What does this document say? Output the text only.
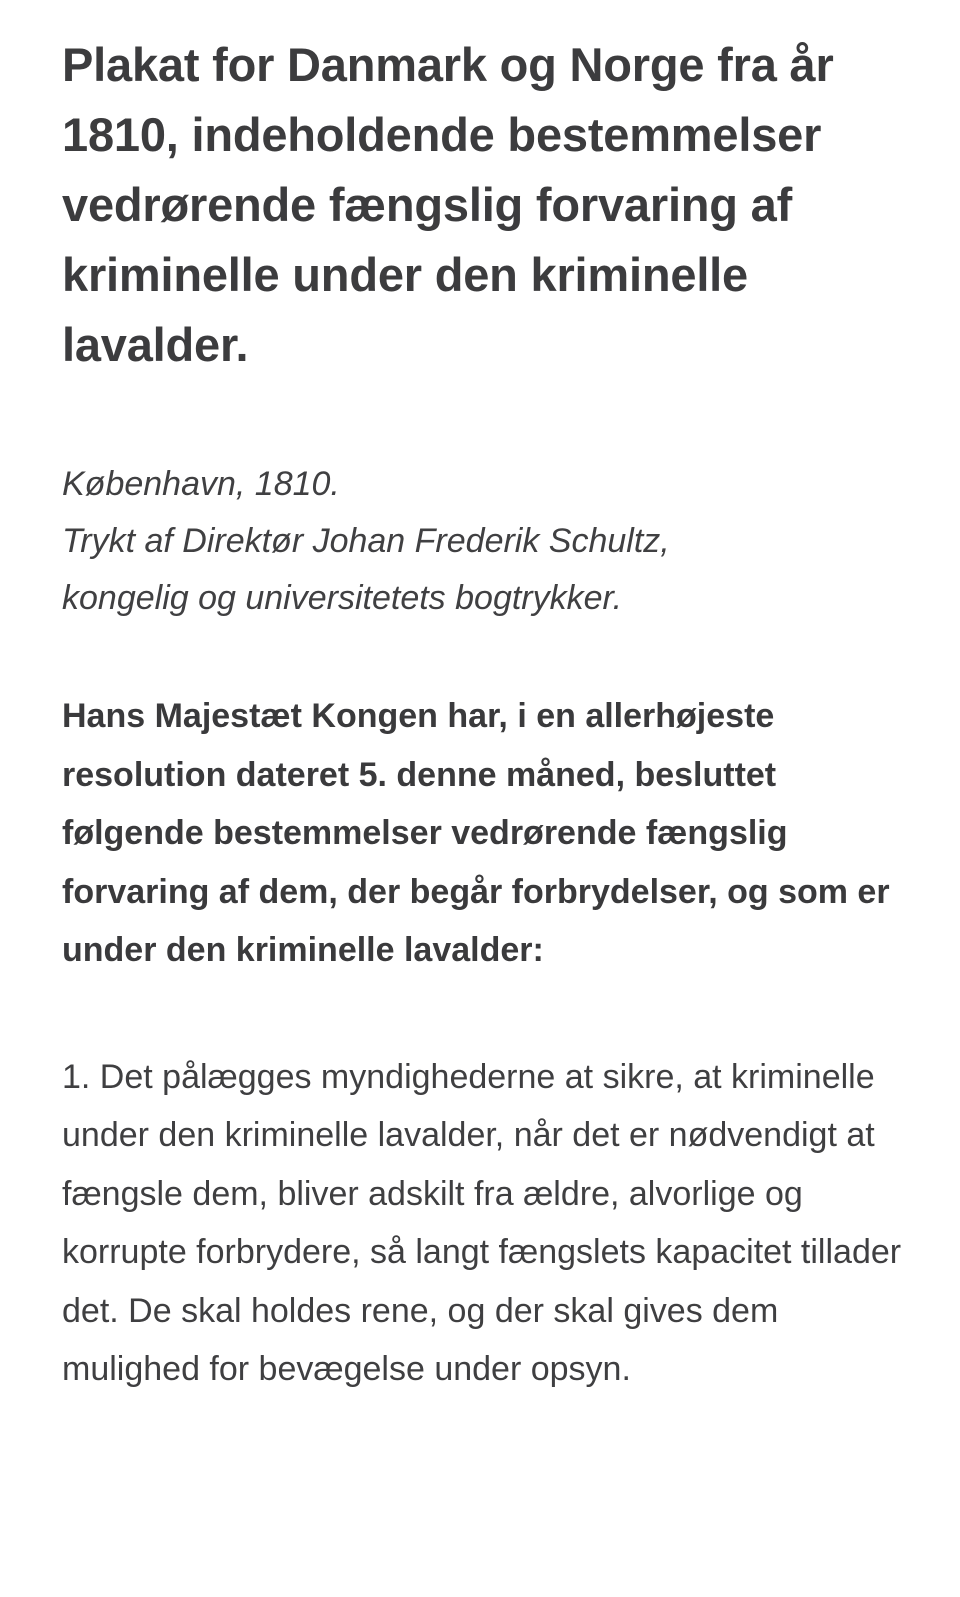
Plakat for Danmark og Norge fra år 1810, indeholdende bestemmelser vedrørende fængslig forvaring af kriminelle under den kriminelle lavalder.
København, 1810.
Trykt af Direktør Johan Frederik Schultz,
kongelig og universitetets bogtrykker.

Hans Majestæt Kongen har, i en allerhøjeste resolution dateret 5. denne måned, besluttet følgende bestemmelser vedrørende fængslig forvaring af dem, der begår forbrydelser, og som er under den kriminelle lavalder:

1. Det pålægges myndighederne at sikre, at kriminelle under den kriminelle lavalder, når det er nødvendigt at fængsle dem, bliver adskilt fra ældre, alvorlige og korrupte forbrydere, så langt fængslets kapacitet tillader det. De skal holdes rene, og der skal gives dem mulighed for bevægelse under opsyn.
